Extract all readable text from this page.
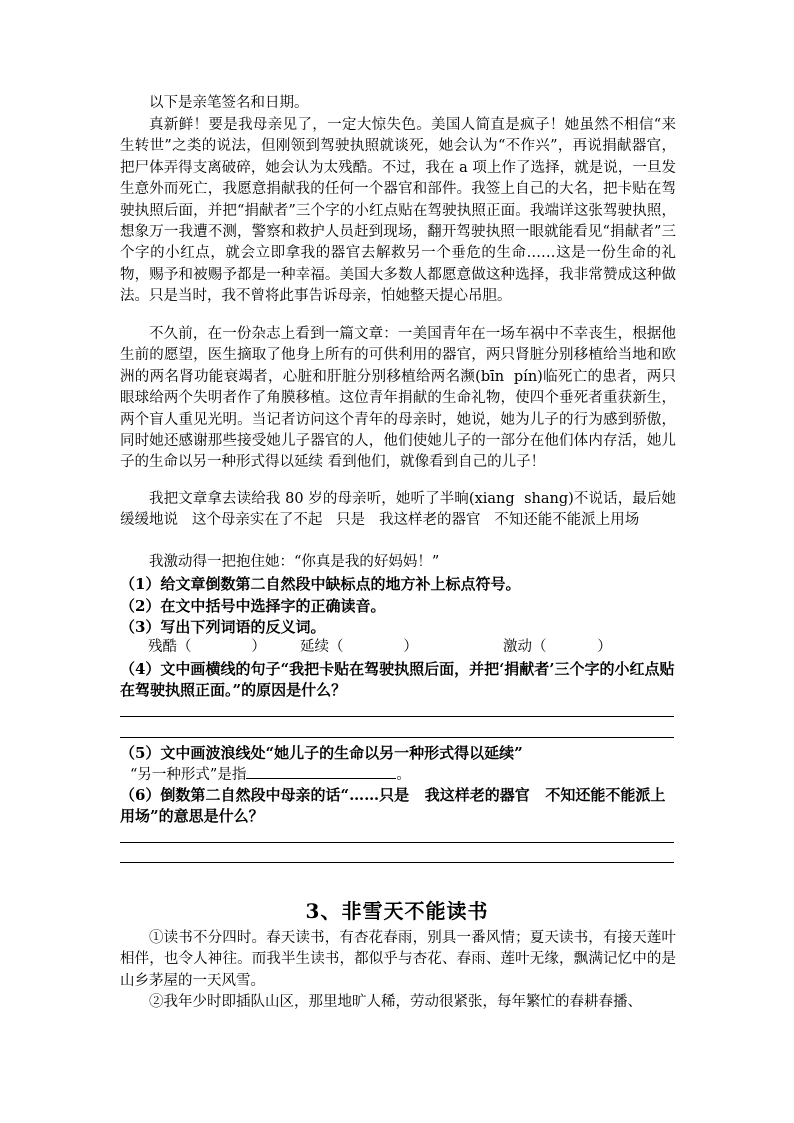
以下是亲笔签名和日期。

真新鲜！要是我母亲见了，一定大惊失色。美国人简直是疯子！她虽然不相信“来生转世”之类的说法，但刚领到驾驶执照就谈死，她会认为“不作兴”，再说捐献器官，把尸体弄得支离破碎，她会认为太残酷。不过，我在 a 项上作了选择，就是说，一旦发生意外而死亡，我愿意捐献我的任何一个器官和部件。我签上自己的大名，把卡贴在驾驶执照后面，并把“捐献者”三个字的小红点贴在驾驶执照正面。我端详这张驾驶执照，想象万一我遭不测，警察和救护人员赶到现场，翻开驾驶执照一眼就能看见“捐献者”三个字的小红点，就会立即拿我的器官去解救另一个垂危的生命……这是一份生命的礼物，赐予和被赐予都是一种幸福。美国大多数人都愿意做这种选择，我非常赞成这种做法。只是当时，我不曾将此事告诉母亲，怕她整天提心吊胆。

不久前，在一份杂志上看到一篇文章：一美国青年在一场车祸中不幸丧生，根据他生前的愿望，医生摘取了他身上所有的可供利用的器官，两只肾脏分别移植给当地和欧洲的两名肾功能衰竭者，心脏和肝脏分别移植给两名濒(bīn  pín)临死亡的患者，两只眼球给两个失明者作了角膜移植。这位青年捐献的生命礼物，使四个垂死者重获新生，两个盲人重见光明。当记者访问这个青年的母亲时，她说，她为儿子的行为感到骄傲，同时她还感谢那些接受她儿子器官的人，他们使她儿子的一部分在他们体内存活，她儿子的生命以另一种形式得以延续 看到他们，就像看到自己的儿子！

我把文章拿去读给我 80 岁的母亲听，她听了半晌(xiang  shang)不说话，最后她缓缓地说   这个母亲实在了不起   只是   我这样老的器官   不知还能不能派上用场

我激动得一把抱住她：“你真是我的好妈妈！”

（1）给文章倒数第二自然段中缺标点的地方补上标点符号。

（2）在文中括号中选择字的正确读音。

（3）写出下列词语的反义词。

残酷（             ） 延续（             ）	激动（           ）

（4）文中画横线的句子“我把卡贴在驾驶执照后面，并把‘捐献者’三个字的小红点贴在驾驶执照正面。”的原因是什么？

（5）文中画波浪线处“她儿子的生命以另一种形式得以延续”

“另一种形式”是指	。

（6）倒数第二自然段中母亲的话“……只是   我这样老的器官   不知还能不能派上用场”的意思是什么？

3、非雪天不能读书

①读书不分四时。春天读书，有杏花春雨，别具一番风情；夏天读书，有接天莲叶相伴，也令人神往。而我半生读书，都似乎与杏花、春雨、莲叶无缘，飘满记忆中的是山乡茅屋的一天风雪。

②我年少时即插队山区，那里地旷人稀，劳动很紧张，每年繁忙的春耕春播、
